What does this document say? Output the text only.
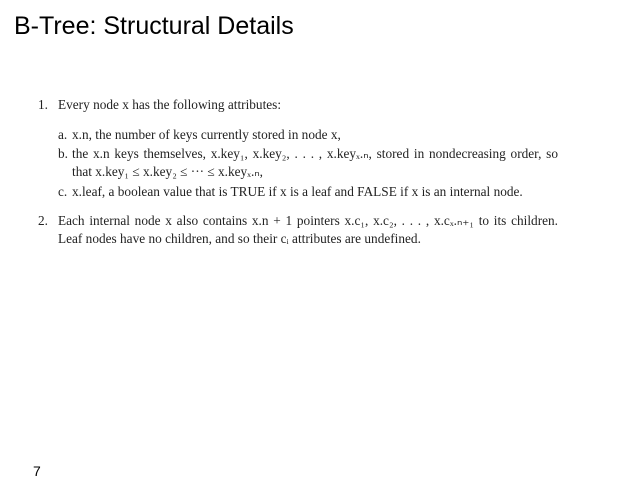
B-Tree: Structural Details
1. Every node x has the following attributes:
a. x.n, the number of keys currently stored in node x,
b. the x.n keys themselves, x.key₁, x.key₂, . . . , x.keyₓ.ₙ, stored in nondecreasing order, so that x.key₁ ≤ x.key₂ ≤ ··· ≤ x.keyₓ.ₙ,
c. x.leaf, a boolean value that is TRUE if x is a leaf and FALSE if x is an internal node.
2. Each internal node x also contains x.n + 1 pointers x.c₁, x.c₂, . . . , x.cₓ.ₙ₊₁ to its children. Leaf nodes have no children, and so their cᵢ attributes are undefined.
7
